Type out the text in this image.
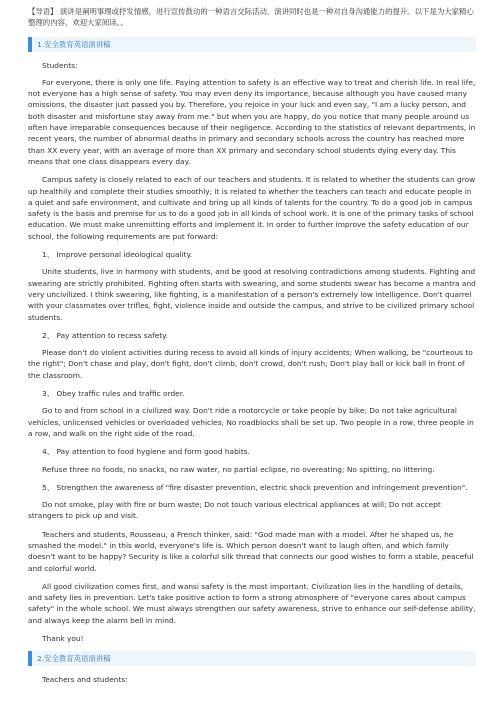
【导语】 演讲是阐明事理或抒发情感，进行宣传鼓动的一种语言交际活动。演讲同时也是一种对自身沟通能力的提升。以下是为大家精心整理的内容，欢迎大家阅读。。
1.安全教育英语演讲稿

Students:

For everyone, there is only one life. Paying attention to safety is an effective way to treat and cherish life. In real life, not everyone has a high sense of safety. You may even deny its importance, because although you have caused many omissions, the disaster just passed you by. Therefore, you rejoice in your luck and even say, "I am a lucky person, and both disaster and misfortune stay away from me." but when you are happy, do you notice that many people around us often have irreparable consequences because of their negligence. According to the statistics of relevant departments, in recent years, the number of abnormal deaths in primary and secondary schools across the country has reached more than XX every year, with an average of more than XX primary and secondary school students dying every day. This means that one class disappears every day.

Campus safety is closely related to each of our teachers and students. It is related to whether the students can grow up healthily and complete their studies smoothly; it is related to whether the teachers can teach and educate people in a quiet and safe environment, and cultivate and bring up all kinds of talents for the country. To do a good job in campus safety is the basis and premise for us to do a good job in all kinds of school work. It is one of the primary tasks of school education. We must make unremitting efforts and implement it. In order to further improve the safety education of our school, the following requirements are put forward:

1、 Improve personal ideological quality.

Unite students, live in harmony with students, and be good at resolving contradictions among students. Fighting and swearing are strictly prohibited. Fighting often starts with swearing, and some students swear has become a mantra and very uncivilized. I think swearing, like fighting, is a manifestation of a person's extremely low intelligence. Don't quarrel with your classmates over trifles, fight, violence inside and outside the campus, and strive to be civilized primary school students.

2、 Pay attention to recess safety.

Please don't do violent activities during recess to avoid all kinds of injury accidents; When walking, be "courteous to the right"; Don't chase and play, don't fight, don't climb, don't crowd, don't rush; Don't play ball or kick ball in front of the classroom.

3、 Obey traffic rules and traffic order.

Go to and from school in a civilized way. Don't ride a motorcycle or take people by bike; Do not take agricultural vehicles, unlicensed vehicles or overloaded vehicles; No roadblocks shall be set up. Two people in a row, three people in a row, and walk on the right side of the road.

4、 Pay attention to food hygiene and form good habits.

Refuse three no foods, no snacks, no raw water, no partial eclipse, no overeating; No spitting, no littering.

5、 Strengthen the awareness of "fire disaster prevention, electric shock prevention and infringement prevention".

Do not smoke, play with fire or burn waste; Do not touch various electrical appliances at will; Do not accept strangers to pick up and visit.

Teachers and students, Rousseau, a French thinker, said: "God made man with a model. After he shaped us, he smashed the model." in this world, everyone's life is. Which person doesn't want to laugh often, and which family doesn't want to be happy? Security is like a colorful silk thread that connects our good wishes to form a stable, peaceful and colorful world.

All good civilization comes first, and wansi safety is the most important. Civilization lies in the handling of details, and safety lies in prevention. Let's take positive action to form a strong atmosphere of "everyone cares about campus safety" in the whole school. We must always strengthen our safety awareness, strive to enhance our self-defense ability, and always keep the alarm bell in mind.

Thank you!

2.安全教育英语演讲稿

Teachers and students:
